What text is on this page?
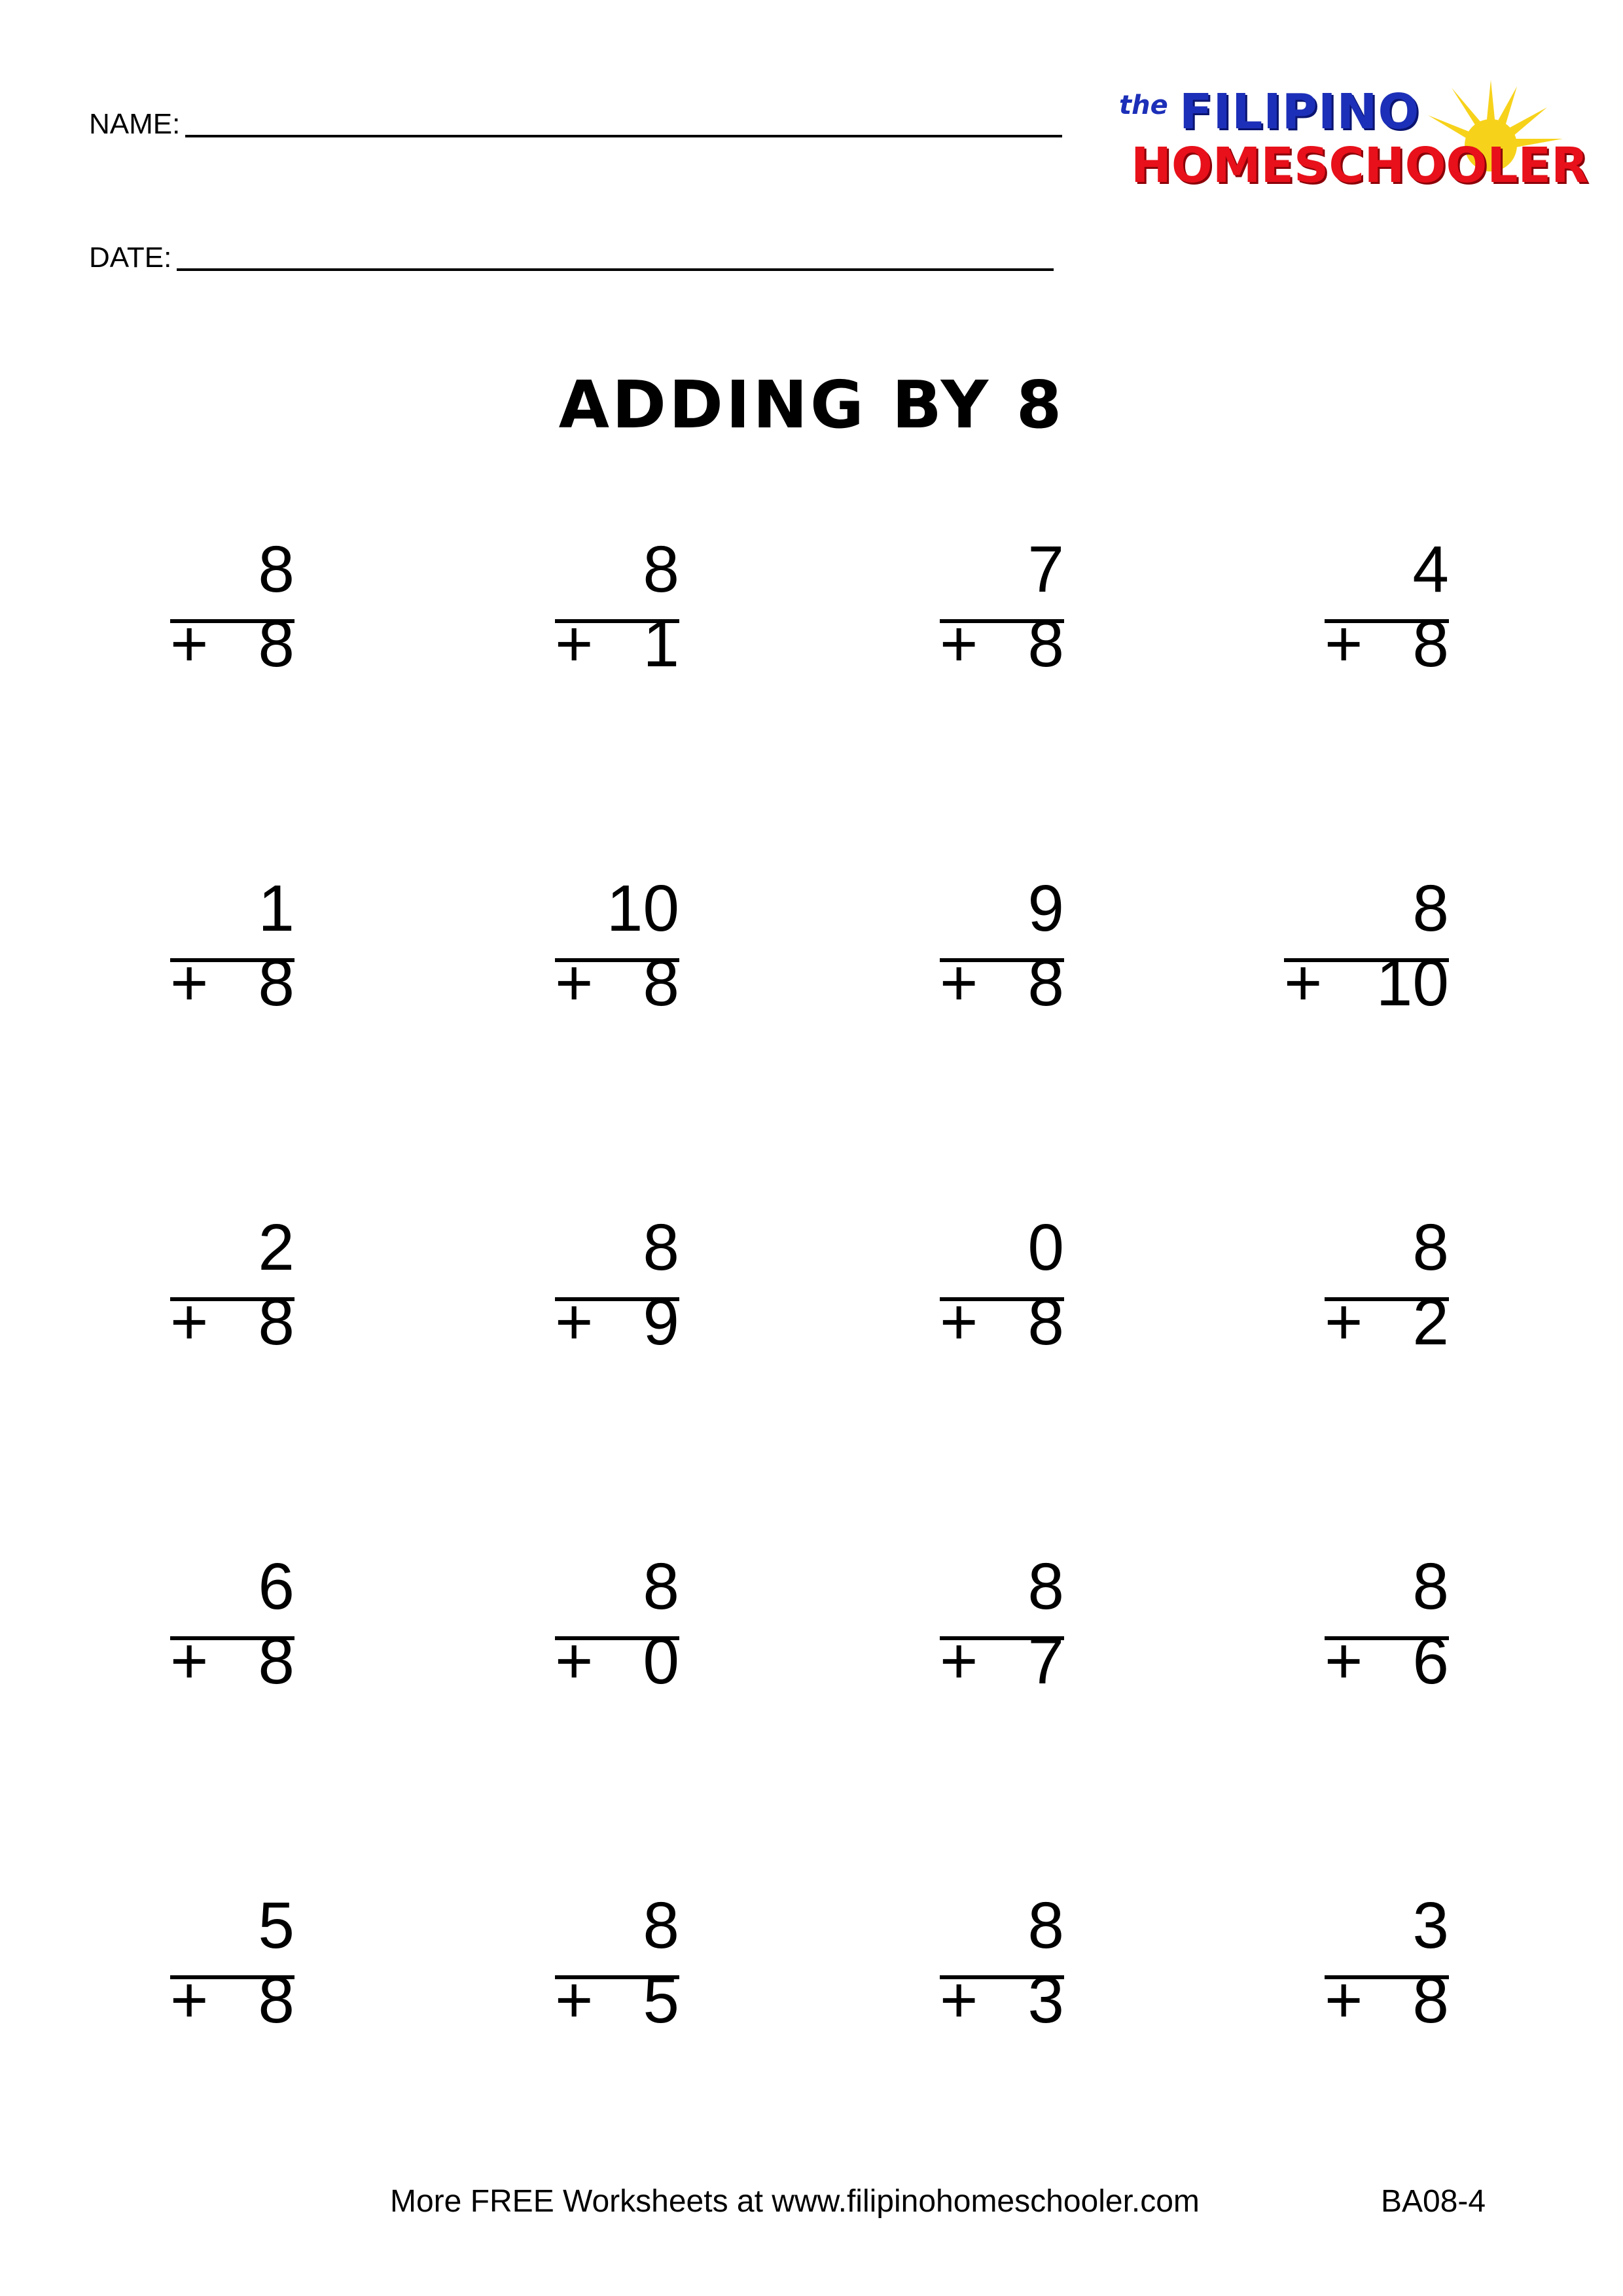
NAME:
DATE:
the FILIPINO
HOMESCHOOLER
ADDING BY 8
8
+ 8
8
+ 1
7
+ 8
4
+ 8
1
+ 8
10
+ 8
9
+ 8
8
+ 10
2
+ 8
8
+ 9
0
+ 8
8
+ 2
6
+ 8
8
+ 0
8
+ 7
8
+ 6
5
+ 8
8
+ 5
8
+ 3
3
+ 8
More FREE Worksheets at www.filipinohomeschooler.com	BA08-4
